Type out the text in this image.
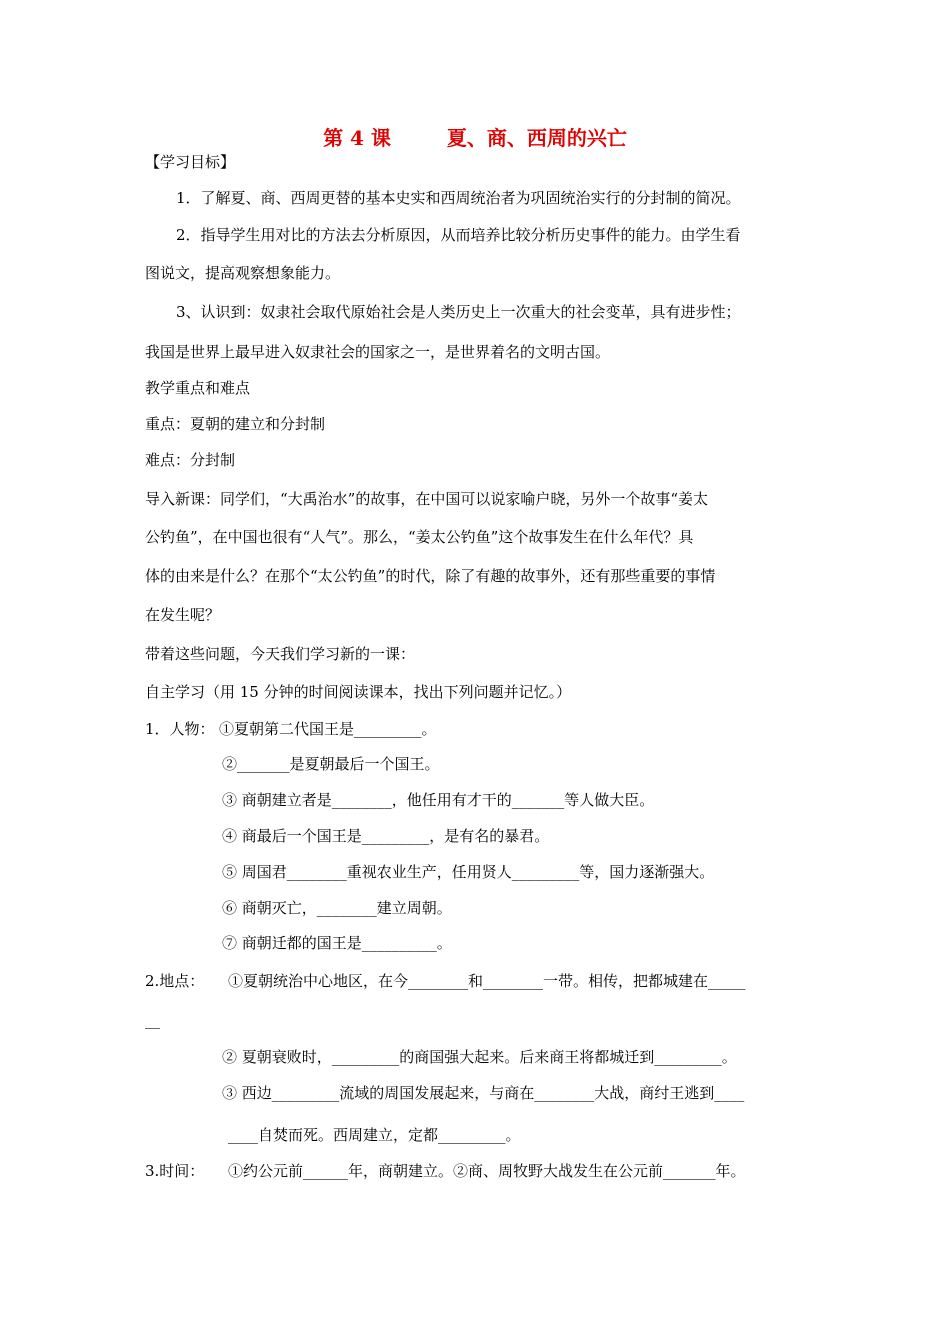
第 4 课	夏、商、西周的兴亡
【学习目标】
1．了解夏、商、西周更替的基本史实和西周统治者为巩固统治实行的分封制的简况。
2．指导学生用对比的方法去分析原因，从而培养比较分析历史事件的能力。由学生看
图说文，提高观察想象能力。
3、认识到：奴隶社会取代原始社会是人类历史上一次重大的社会变革，具有进步性；
我国是世界上最早进入奴隶社会的国家之一，是世界着名的文明古国。
教学重点和难点
重点：夏朝的建立和分封制
难点：分封制
导入新课：同学们，“大禹治水”的故事，在中国可以说家喻户晓，另外一个故事“姜太
公钓鱼”，在中国也很有“人气”。那么，“姜太公钓鱼”这个故事发生在什么年代？具
体的由来是什么？在那个“太公钓鱼”的时代，除了有趣的故事外，还有那些重要的事情
在发生呢？
带着这些问题，今天我们学习新的一课：
自主学习（用 15 分钟的时间阅读课本，找出下列问题并记忆。）
1．人物： ①夏朝第二代国王是_________。
②_______是夏朝最后一个国王。
③ 商朝建立者是________，他任用有才干的_______等人做大臣。
④ 商最后一个国王是_________，是有名的暴君。
⑤ 周国君________重视农业生产，任用贤人_________等，国力逐渐强大。
⑥ 商朝灭亡，________建立周朝。
⑦ 商朝迁都的国王是__________。
2.地点： ①夏朝统治中心地区，在今________和________一带。相传，把都城建在_____
__
② 夏朝衰败时，_________的商国强大起来。后来商王将都城迁到_________。
③ 西边_________流域的周国发展起来，与商在________大战，商纣王逃到____
____自焚而死。西周建立，定都_________。
3.时间： ①约公元前______年，商朝建立。②商、周牧野大战发生在公元前_______年。
